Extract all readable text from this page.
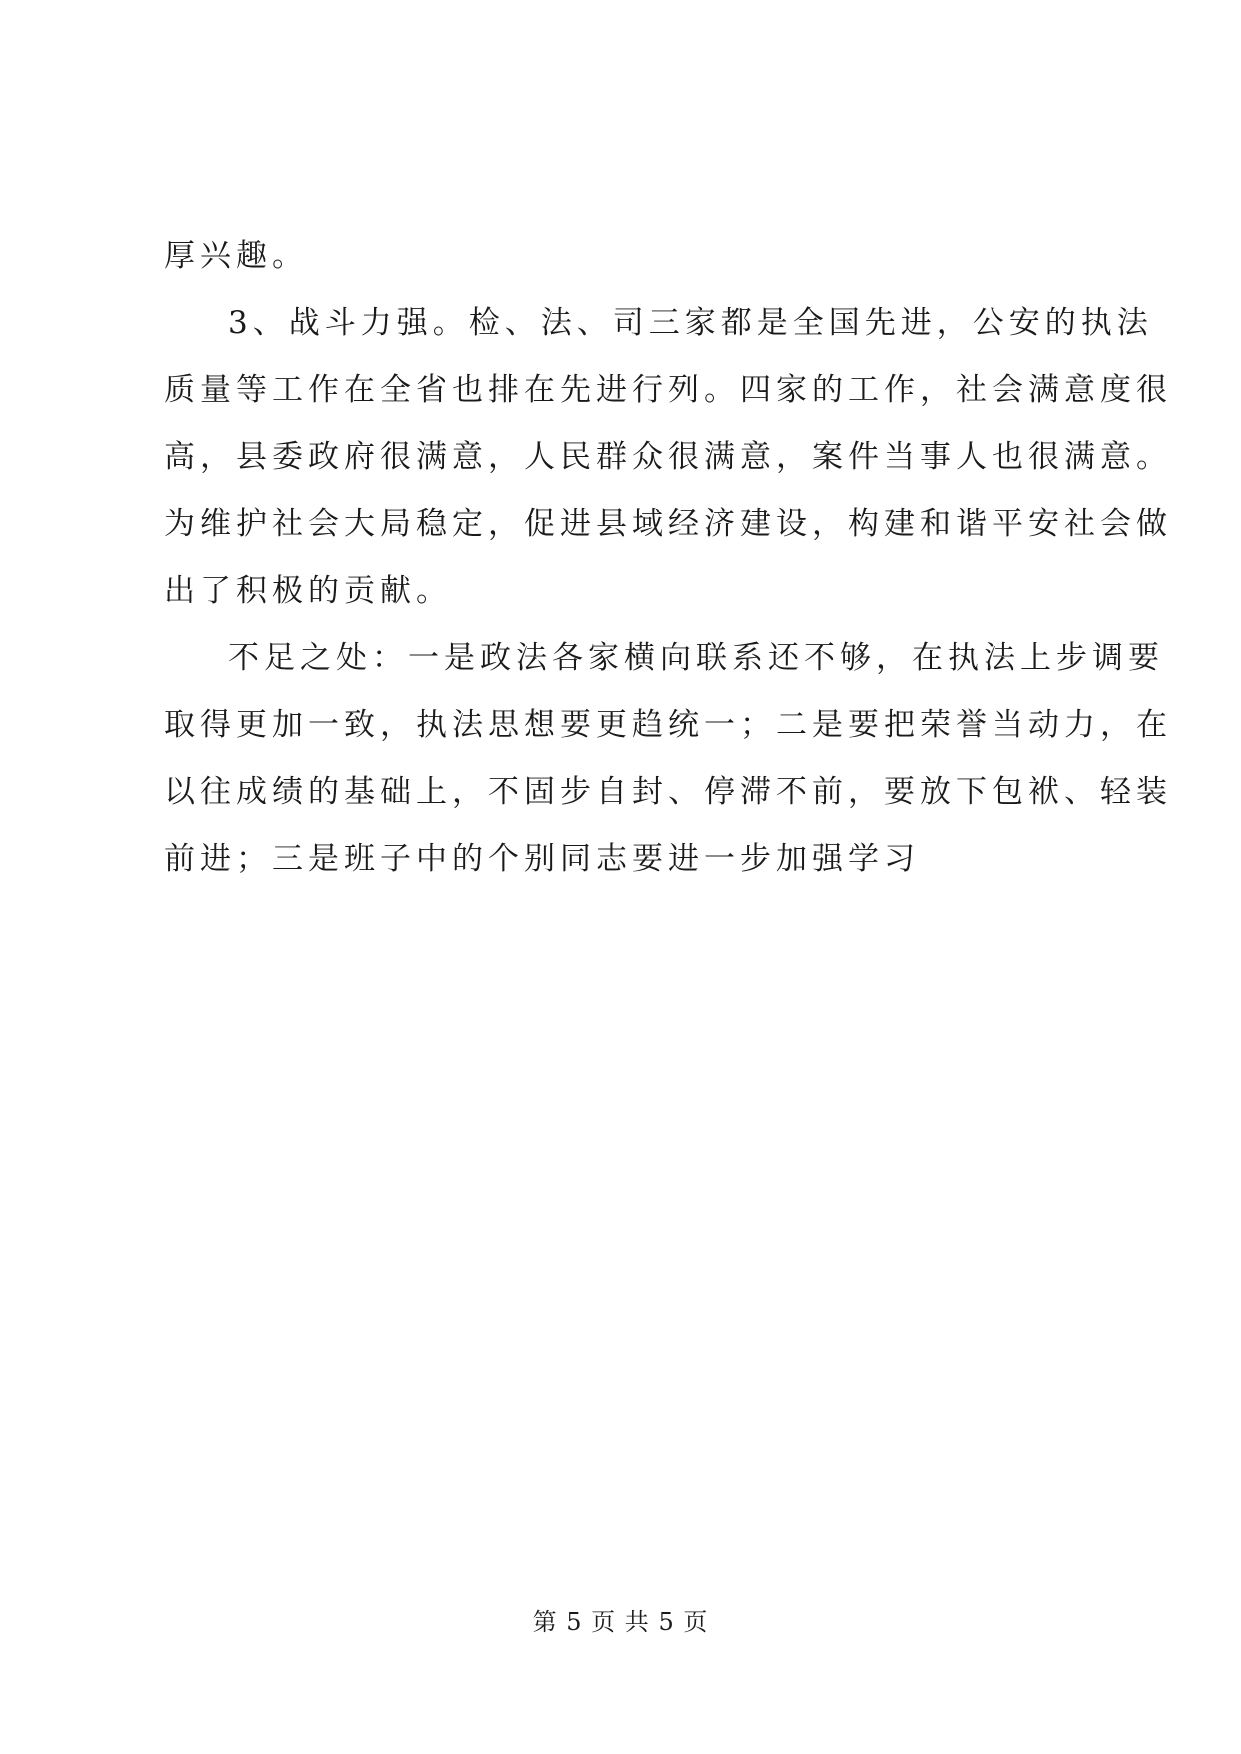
厚兴趣。
3、战斗力强。检、法、司三家都是全国先进，公安的执法
质量等工作在全省也排在先进行列。四家的工作，社会满意度很
高，县委政府很满意，人民群众很满意，案件当事人也很满意。
为维护社会大局稳定，促进县域经济建设，构建和谐平安社会做
出了积极的贡献。
不足之处：一是政法各家横向联系还不够，在执法上步调要
取得更加一致，执法思想要更趋统一；二是要把荣誉当动力，在
以往成绩的基础上，不固步自封、停滞不前，要放下包袱、轻装
前进；三是班子中的个别同志要进一步加强学习
第 5 页 共 5 页
